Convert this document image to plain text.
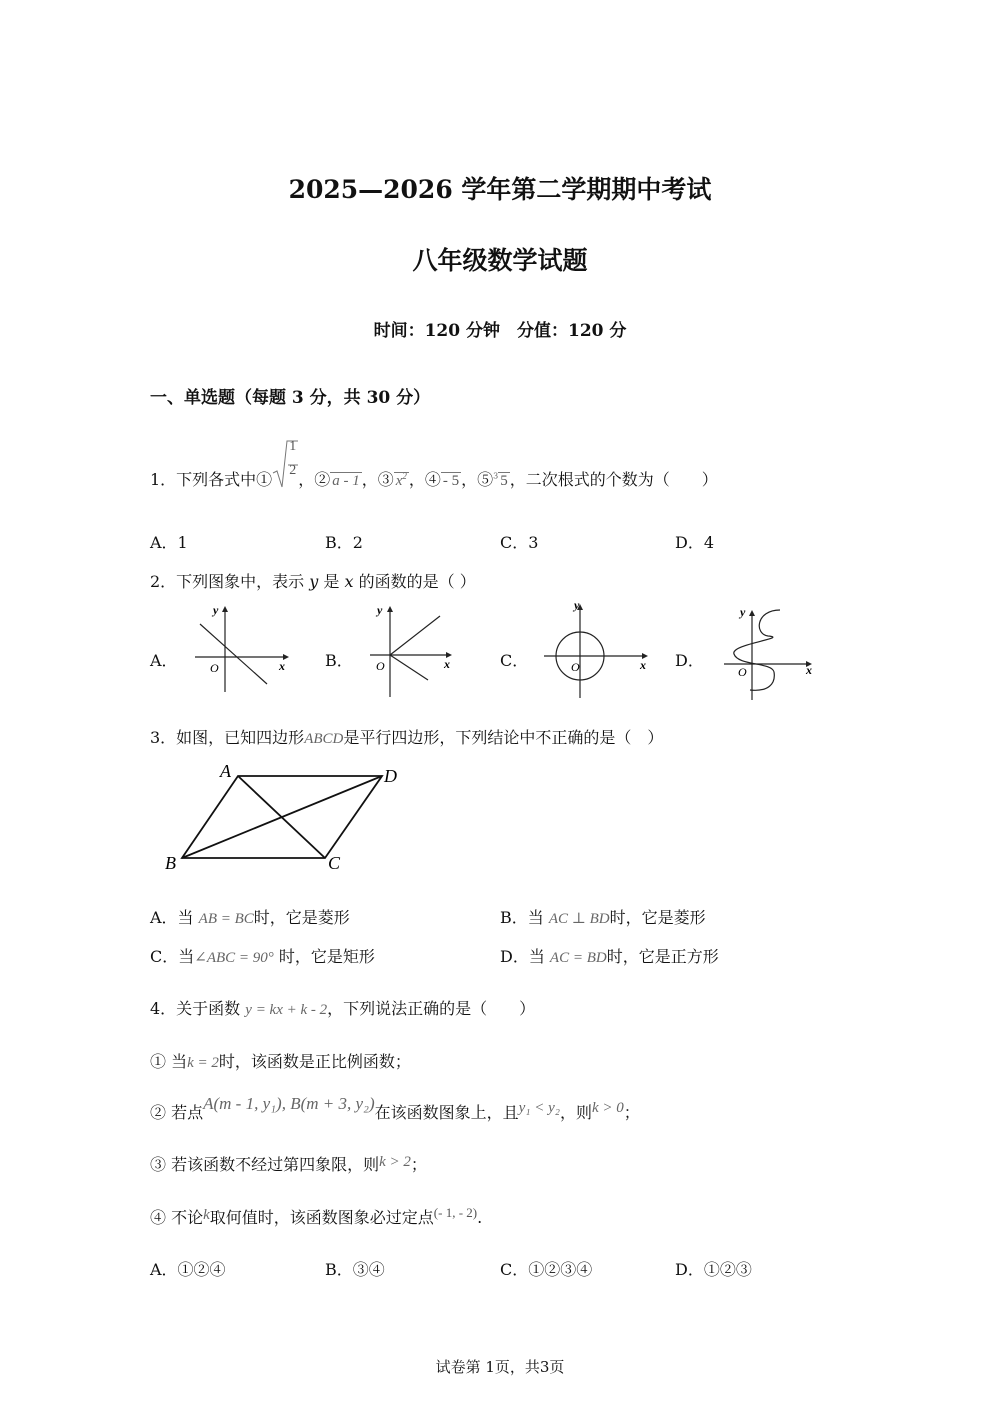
2025—2026 学年第二学期期中考试
八年级数学试题
时间：120 分钟　分值：120 分
一、单选题（每题 3 分，共 30 分）
1．下列各式中①
1
2 ，② a - 1 ，③ $x^2$ ，④ - 5 ，⑤$^3$ 5 ，二次根式的个数为（　　）
A．1	B．2	C．3	D．4
2．下列图象中，表示 y 是 x 的函数的是（ ）
A．	B．	C．	D．
y
x
O
y
x
O
y
x
O
y
x
O
3．如图，已知四边形ABCD是平行四边形，下列结论中不正确的是（　）
A	D
B	C
A．当 AB = BC时，它是菱形	B．当 AC ⊥ BD时，它是菱形
C．当∠ABC = 90° 时，它是矩形	D．当 AC = BD时，它是正方形
4．关于函数 y = kx + k - 2，下列说法正确的是（　　）
① 当k = 2时，该函数是正比例函数；
② 若点A(m - 1, y₁), B(m + 3, y₂)在该函数图象上，且y₁ < y₂，则k > 0；
③ 若该函数不经过第四象限，则k > 2；
④ 不论k取何值时，该函数图象必过定点$^{(- 1, - 2)}$.
A．①②④	B．③④	C．①②③④	D．①②③
试卷第 1页，共3页
